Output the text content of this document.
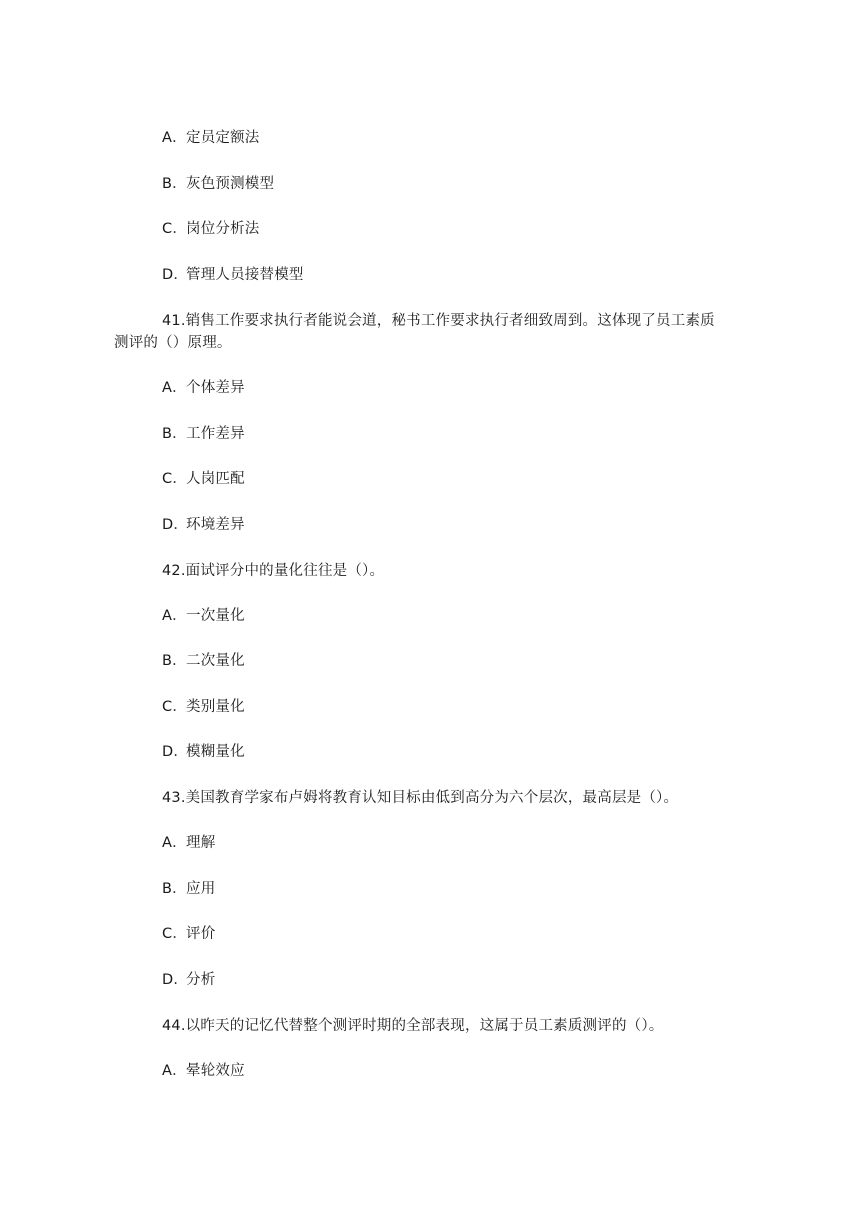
A．定员定额法
B．灰色预测模型
C．岗位分析法
D．管理人员接替模型
41.销售工作要求执行者能说会道，秘书工作要求执行者细致周到。这体现了员工素质
测评的（）原理。
A．个体差异
B．工作差异
C．人岗匹配
D．环境差异
42.面试评分中的量化往往是（）。
A．一次量化
B．二次量化
C．类别量化
D．模糊量化
43.美国教育学家布卢姆将教育认知目标由低到高分为六个层次，最高层是（）。
A．理解
B．应用
C．评价
D．分析
44.以昨天的记忆代替整个测评时期的全部表现，这属于员工素质测评的（）。
A．晕轮效应
